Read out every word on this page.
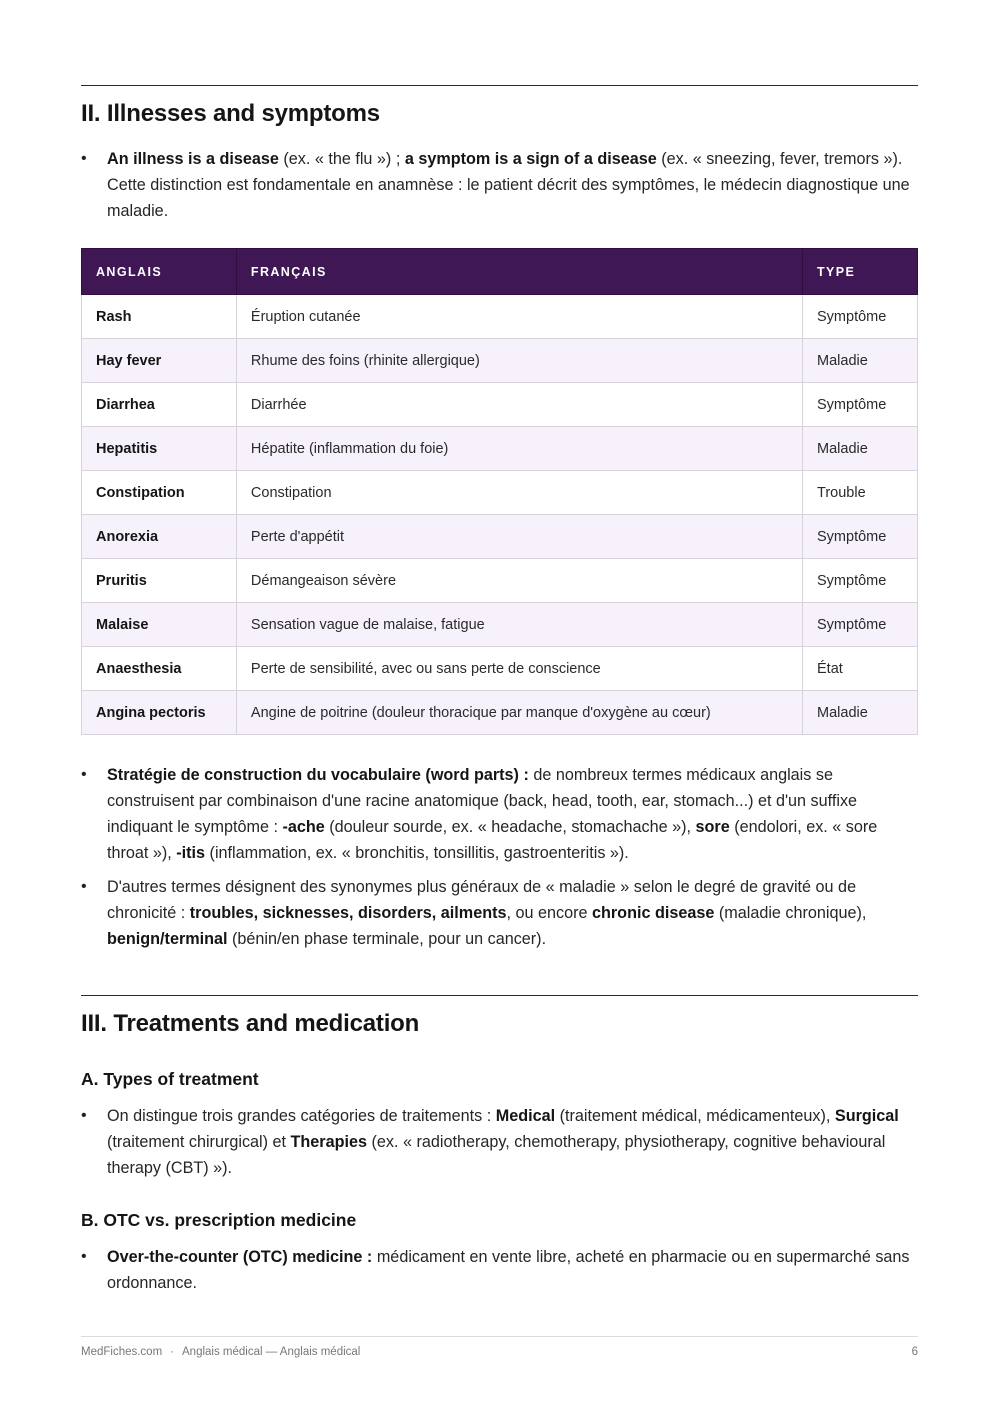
II. Illnesses and symptoms
• An illness is a disease (ex. « the flu ») ; a symptom is a sign of a disease (ex. « sneezing, fever, tremors »). Cette distinction est fondamentale en anamnèse : le patient décrit des symptômes, le médecin diagnostique une maladie.
ANGLAIS	FRANÇAIS	TYPE
Rash	Éruption cutanée	Symptôme
Hay fever	Rhume des foins (rhinite allergique)	Maladie
Diarrhea	Diarrhée	Symptôme
Hepatitis	Hépatite (inflammation du foie)	Maladie
Constipation	Constipation	Trouble
Anorexia	Perte d'appétit	Symptôme
Pruritis	Démangeaison sévère	Symptôme
Malaise	Sensation vague de malaise, fatigue	Symptôme
Anaesthesia	Perte de sensibilité, avec ou sans perte de conscience	État
Angina pectoris	Angine de poitrine (douleur thoracique par manque d'oxygène au cœur)	Maladie
• Stratégie de construction du vocabulaire (word parts) : de nombreux termes médicaux anglais se construisent par combinaison d'une racine anatomique (back, head, tooth, ear, stomach...) et d'un suffixe indiquant le symptôme : -ache (douleur sourde, ex. « headache, stomachache »), sore (endolori, ex. « sore throat »), -itis (inflammation, ex. « bronchitis, tonsillitis, gastroenteritis »).
• D'autres termes désignent des synonymes plus généraux de « maladie » selon le degré de gravité ou de chronicité : troubles, sicknesses, disorders, ailments, ou encore chronic disease (maladie chronique), benign/terminal (bénin/en phase terminale, pour un cancer).
III. Treatments and medication
A. Types of treatment
• On distingue trois grandes catégories de traitements : Medical (traitement médical, médicamenteux), Surgical (traitement chirurgical) et Therapies (ex. « radiotherapy, chemotherapy, physiotherapy, cognitive behavioural therapy (CBT) »).
B. OTC vs. prescription medicine
• Over-the-counter (OTC) medicine : médicament en vente libre, acheté en pharmacie ou en supermarché sans ordonnance.
MedFiches.com · Anglais médical — Anglais médical	6
